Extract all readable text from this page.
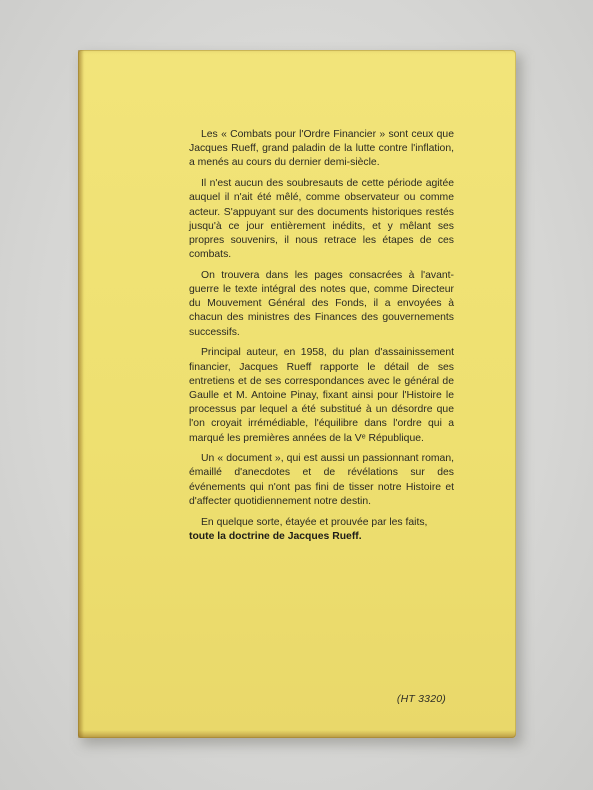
Les « Combats pour l'Ordre Financier » sont ceux que Jacques Rueff, grand paladin de la lutte contre l'inflation, a menés au cours du dernier demi-siècle.

Il n'est aucun des soubresauts de cette période agitée auquel il n'ait été mêlé, comme observateur ou comme acteur. S'appuyant sur des documents historiques restés jusqu'à ce jour entièrement inédits, et y mêlant ses propres souvenirs, il nous retrace les étapes de ces combats.

On trouvera dans les pages consacrées à l'avant-guerre le texte intégral des notes que, comme Directeur du Mouvement Général des Fonds, il a envoyées à chacun des ministres des Finances des gouvernements successifs.

Principal auteur, en 1958, du plan d'assainissement financier, Jacques Rueff rapporte le détail de ses entretiens et de ses correspondances avec le général de Gaulle et M. Antoine Pinay, fixant ainsi pour l'Histoire le processus par lequel a été substitué à un désordre que l'on croyait irrémédiable, l'équilibre dans l'ordre qui a marqué les premières années de la Vᵉ République.

Un « document », qui est aussi un passionnant roman, émaillé d'anecdotes et de révélations sur des événements qui n'ont pas fini de tisser notre Histoire et d'affecter quotidiennement notre destin.

En quelque sorte, étayée et prouvée par les faits,
toute la doctrine de Jacques Rueff.

(HT 3320)
